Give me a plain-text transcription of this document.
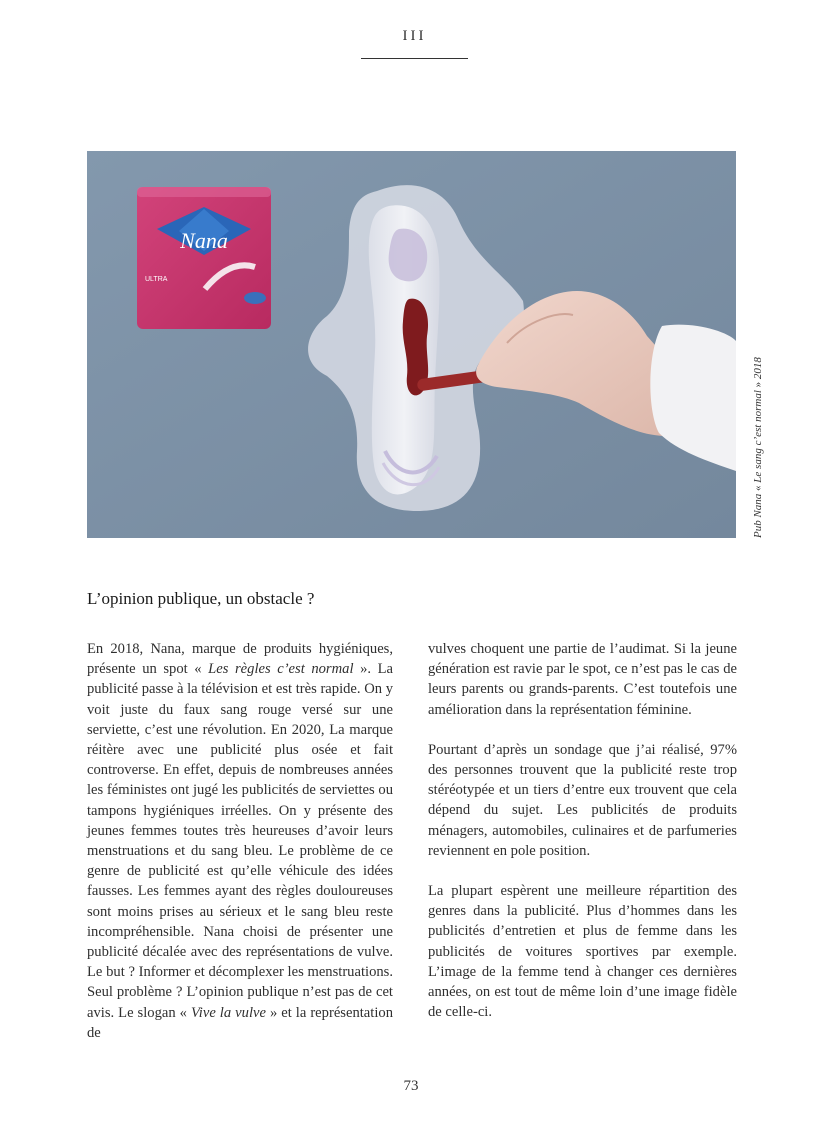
III
Nana
ULTRA
Pub Nana « Le sang c’est normal » 2018
L’opinion publique, un obstacle ?

En 2018, Nana, marque de produits hygiéniques, présente un spot « Les règles c’est normal ». La publicité passe à la télévision et est très rapide. On y voit juste du faux sang rouge versé sur une serviette, c’est une révolution. En 2020, La marque réitère avec une publicité plus osée et fait controverse. En effet, depuis de nombreuses années les féministes ont jugé les publicités de serviettes ou tampons hygiéniques irréelles. On y présente des jeunes femmes toutes très heureuses d’avoir leurs menstruations et du sang bleu. Le problème de ce genre de publicité est qu’elle véhicule des idées fausses. Les femmes ayant des règles douloureuses sont moins prises au sérieux et le sang bleu reste incompréhensible. Nana choisi de présenter une publicité décalée avec des représentations de vulve. Le but ? Informer et décomplexer les menstruations. Seul problème ? L’opinion publique n’est pas de cet avis. Le slogan « Vive la vulve » et la représentation de

vulves choquent une partie de l’audimat. Si la jeune génération est ravie par le spot, ce n’est pas le cas de leurs parents ou grands-parents. C’est toutefois une amélioration dans la représentation féminine.

Pourtant d’après un sondage que j’ai réalisé, 97% des personnes trouvent que la publicité reste trop stéréotypée et un tiers d’entre eux trouvent que cela dépend du sujet. Les publicités de produits ménagers, automobiles, culinaires et de parfumeries reviennent en pole position.

La plupart espèrent une meilleure répartition des genres dans la publicité. Plus d’hommes dans les publicités d’entretien et plus de femme dans les publicités de voitures sportives par exemple. L’image de la femme tend à changer ces dernières années, on est tout de même loin d’une image fidèle de celle-ci.

73
